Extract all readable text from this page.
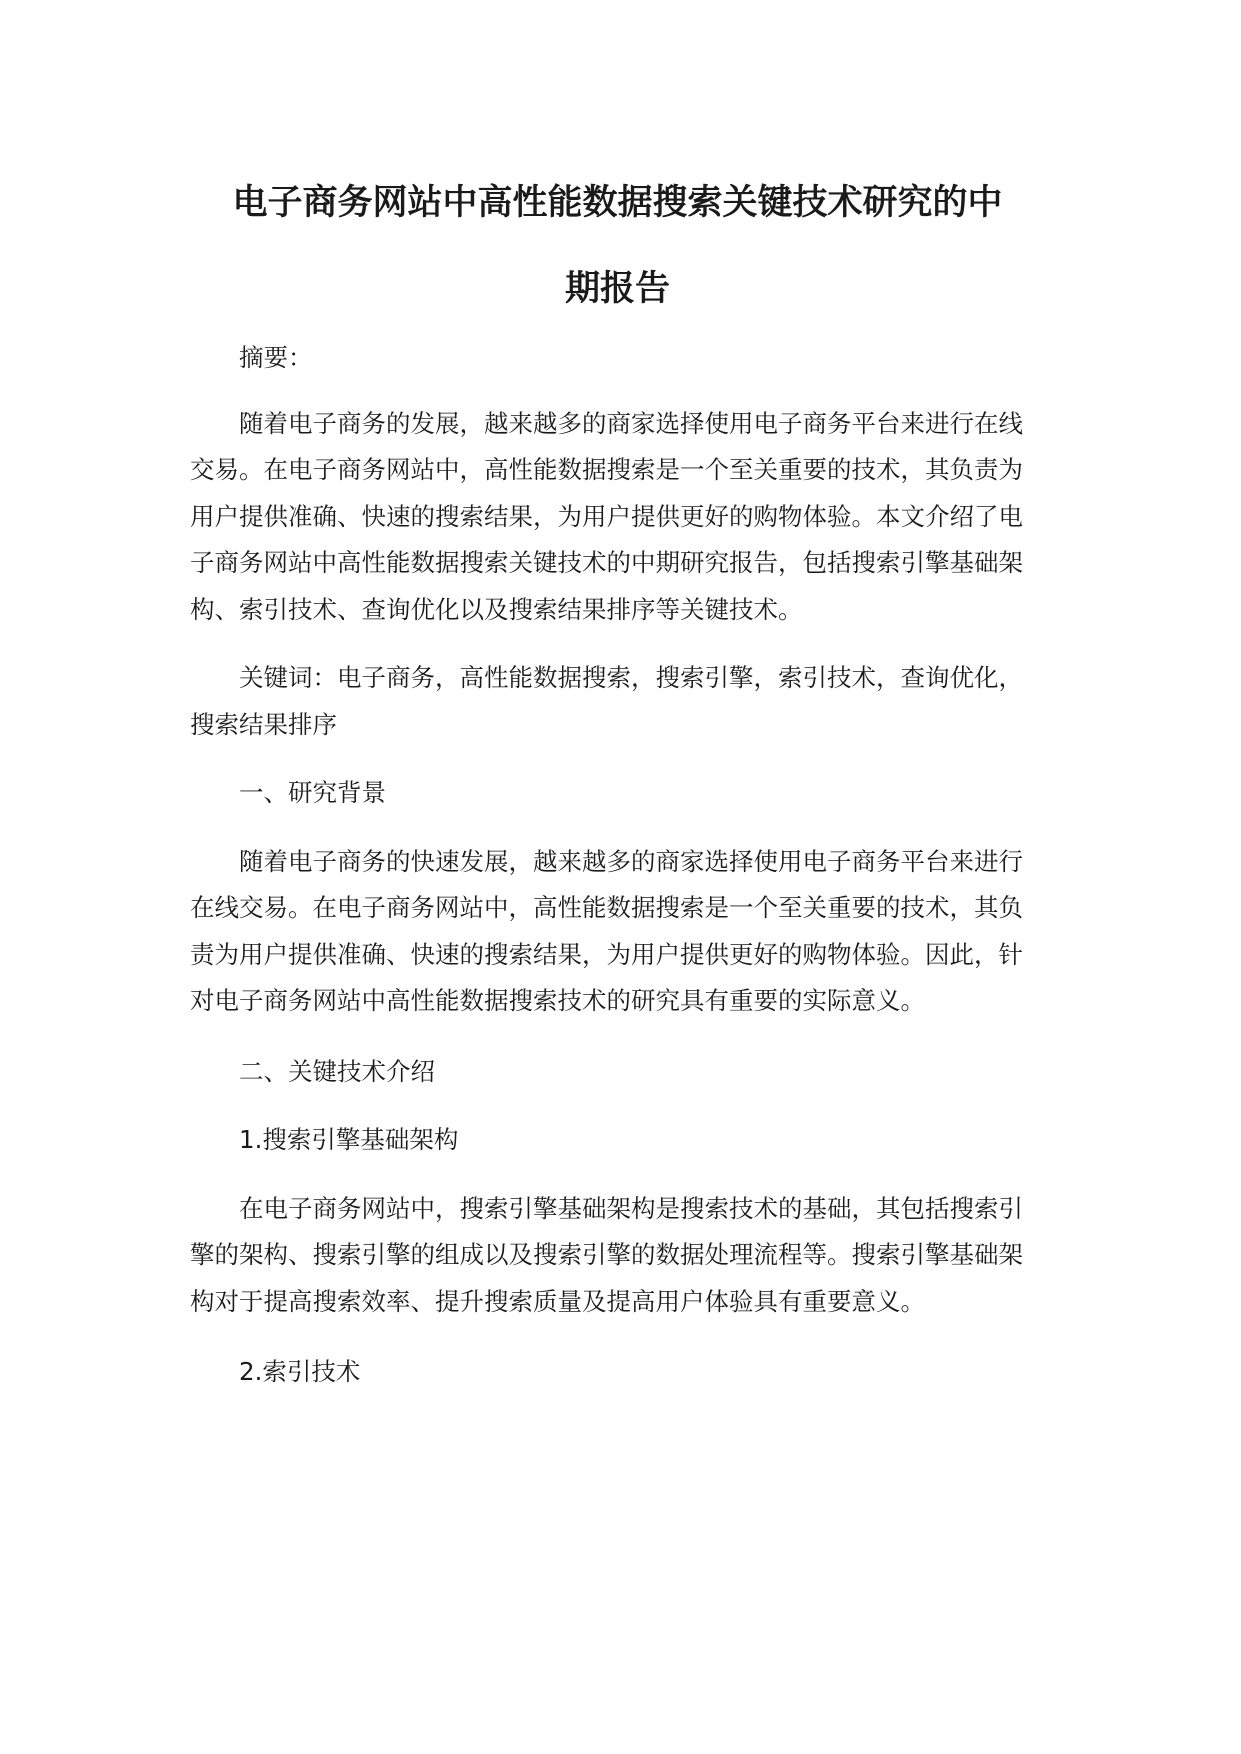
电子商务网站中高性能数据搜索关键技术研究的中
期报告

摘要：

随着电子商务的发展，越来越多的商家选择使用电子商务平台来进行在线交易。在电子商务网站中，高性能数据搜索是一个至关重要的技术，其负责为用户提供准确、快速的搜索结果，为用户提供更好的购物体验。本文介绍了电子商务网站中高性能数据搜索关键技术的中期研究报告，包括搜索引擎基础架构、索引技术、查询优化以及搜索结果排序等关键技术。

关键词：电子商务，高性能数据搜索，搜索引擎，索引技术，查询优化，搜索结果排序

一、研究背景

随着电子商务的快速发展，越来越多的商家选择使用电子商务平台来进行在线交易。在电子商务网站中，高性能数据搜索是一个至关重要的技术，其负责为用户提供准确、快速的搜索结果，为用户提供更好的购物体验。因此，针对电子商务网站中高性能数据搜索技术的研究具有重要的实际意义。

二、关键技术介绍

1.搜索引擎基础架构

在电子商务网站中，搜索引擎基础架构是搜索技术的基础，其包括搜索引擎的架构、搜索引擎的组成以及搜索引擎的数据处理流程等。搜索引擎基础架构对于提高搜索效率、提升搜索质量及提高用户体验具有重要意义。

2.索引技术
